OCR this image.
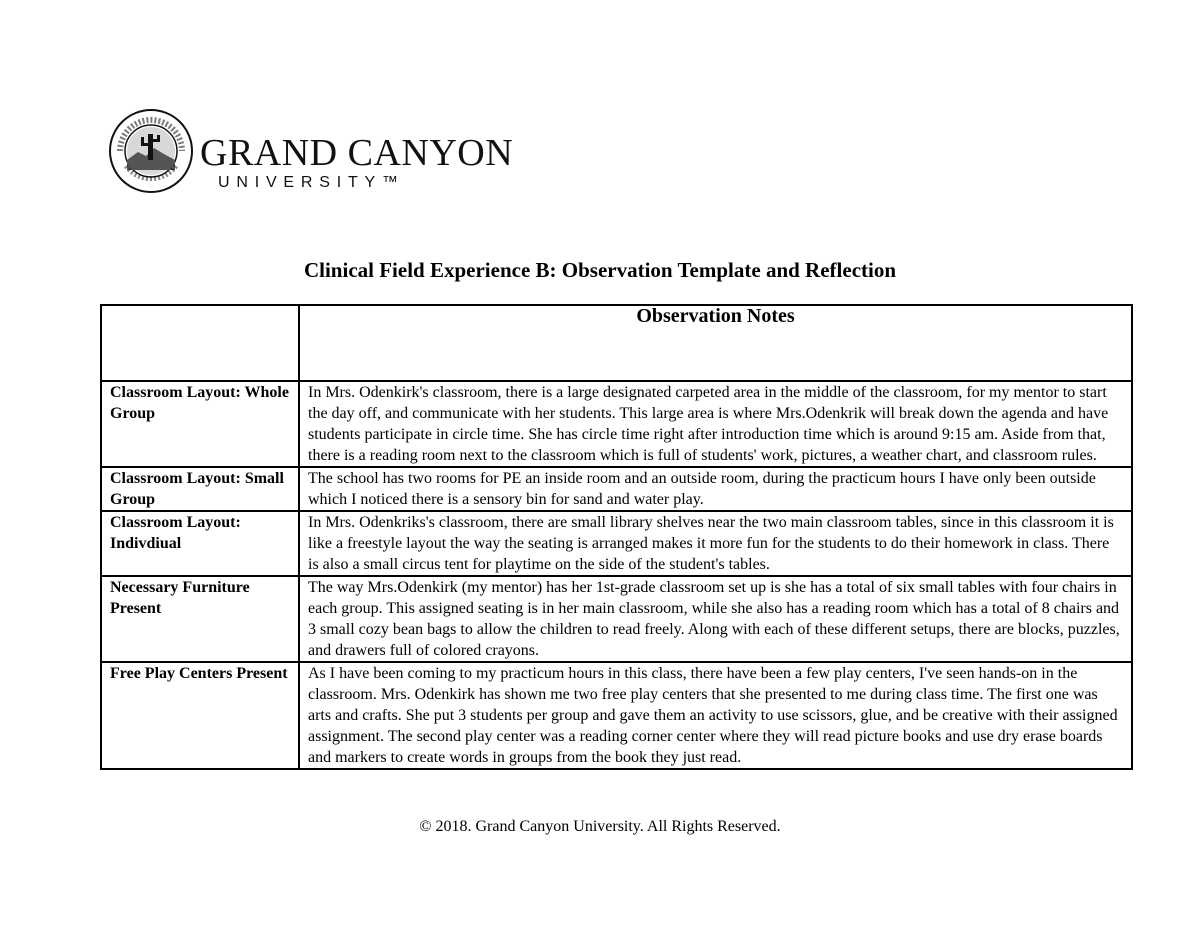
GRAND CANYON
UNIVERSITY™
Clinical Field Experience B: Observation Template and Reflection
	Observation Notes
Classroom Layout: Whole Group	In Mrs. Odenkirk's classroom, there is a large designated carpeted area in the middle of the classroom, for my mentor to start the day off, and communicate with her students. This large area is where Mrs.Odenkrik will break down the agenda and have students participate in circle time. She has circle time right after introduction time which is around 9:15 am. Aside from that, there is a reading room next to the classroom which is full of students' work, pictures, a weather chart, and classroom rules.
Classroom Layout: Small Group	The school has two rooms for PE an inside room and an outside room, during the practicum hours I have only been outside which I noticed there is a sensory bin for sand and water play.
Classroom Layout: Indivdiual	In Mrs. Odenkriks's classroom, there are small library shelves near the two main classroom tables, since in this classroom it is like a freestyle layout the way the seating is arranged makes it more fun for the students to do their homework in class. There is also a small circus tent for playtime on the side of the student's tables.
Necessary Furniture Present	The way Mrs.Odenkirk (my mentor) has her 1st-grade classroom set up is she has a total of six small tables with four chairs in each group. This assigned seating is in her main classroom, while she also has a reading room which has a total of 8 chairs and 3 small cozy bean bags to allow the children to read freely. Along with each of these different setups, there are blocks, puzzles, and drawers full of colored crayons.
Free Play Centers Present	As I have been coming to my practicum hours in this class, there have been a few play centers, I've seen hands-on in the classroom. Mrs. Odenkirk has shown me two free play centers that she presented to me during class time. The first one was arts and crafts. She put 3 students per group and gave them an activity to use scissors, glue, and be creative with their assigned assignment. The second play center was a reading corner center where they will read picture books and use dry erase boards and markers to create words in groups from the book they just read.
© 2018. Grand Canyon University. All Rights Reserved.
